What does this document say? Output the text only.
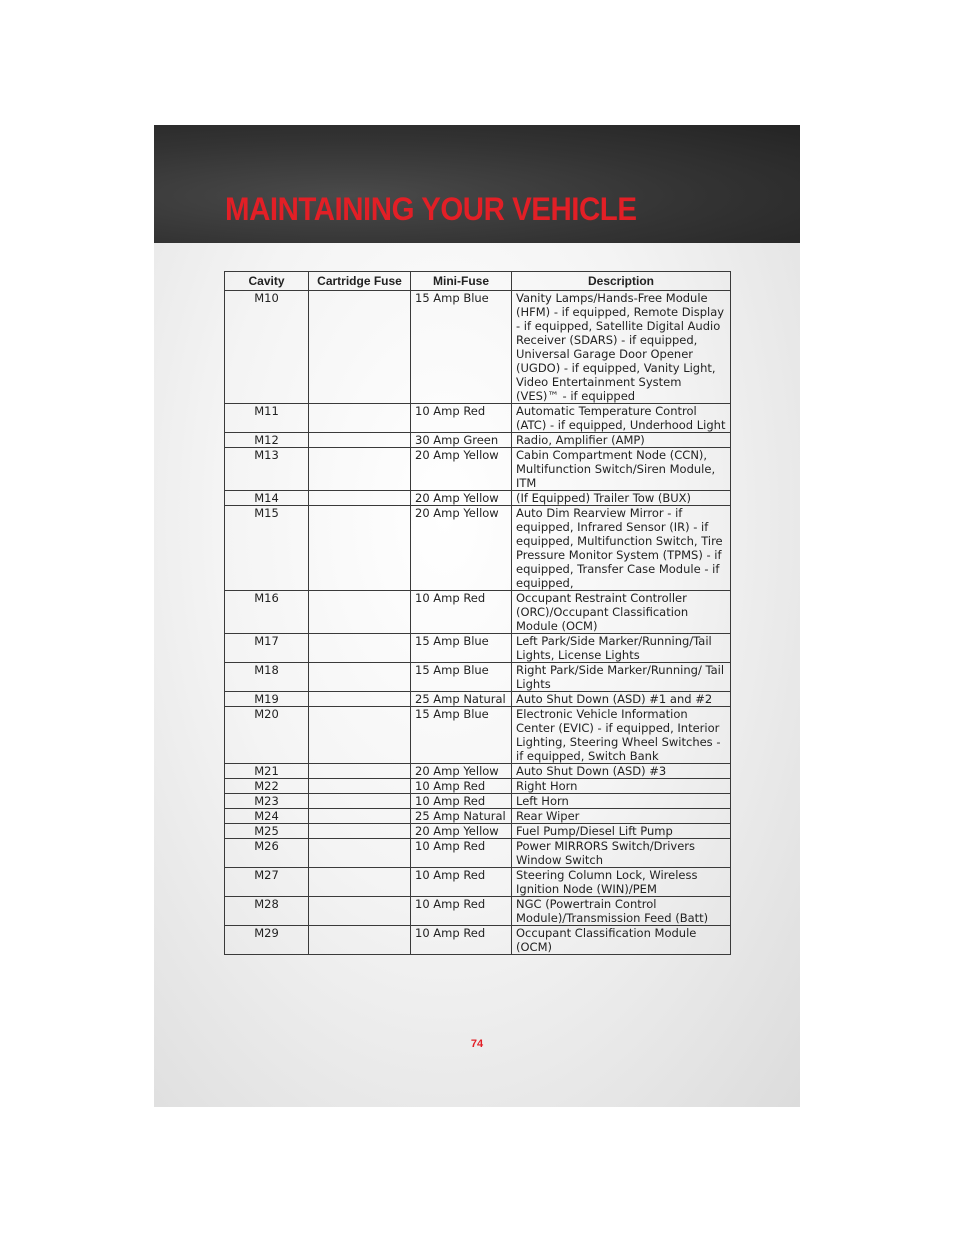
MAINTAINING YOUR VEHICLE
Cavity	Cartridge Fuse	Mini-Fuse	Description
M10		15 Amp Blue	Vanity Lamps/Hands-Free Module (HFM) - if equipped, Remote Display - if equipped, Satellite Digital Audio Receiver (SDARS) - if equipped, Universal Garage Door Opener (UGDO) - if equipped, Vanity Light, Video Entertainment System (VES)™ - if equipped
M11		10 Amp Red	Automatic Temperature Control (ATC) - if equipped, Underhood Light
M12		30 Amp Green	Radio, Amplifier (AMP)
M13		20 Amp Yellow	Cabin Compartment Node (CCN), Multifunction Switch/Siren Module, ITM
M14		20 Amp Yellow	(If Equipped) Trailer Tow (BUX)
M15		20 Amp Yellow	Auto Dim Rearview Mirror - if equipped, Infrared Sensor (IR) - if equipped, Multifunction Switch, Tire Pressure Monitor System (TPMS) - if equipped, Transfer Case Module - if equipped,
M16		10 Amp Red	Occupant Restraint Controller (ORC)/Occupant Classification Module (OCM)
M17		15 Amp Blue	Left Park/Side Marker/Running/Tail Lights, License Lights
M18		15 Amp Blue	Right Park/Side Marker/Running/ Tail Lights
M19		25 Amp Natural	Auto Shut Down (ASD) #1 and #2
M20		15 Amp Blue	Electronic Vehicle Information Center (EVIC) - if equipped, Interior Lighting, Steering Wheel Switches - if equipped, Switch Bank
M21		20 Amp Yellow	Auto Shut Down (ASD) #3
M22		10 Amp Red	Right Horn
M23		10 Amp Red	Left Horn
M24		25 Amp Natural	Rear Wiper
M25		20 Amp Yellow	Fuel Pump/Diesel Lift Pump
M26		10 Amp Red	Power MIRRORS Switch/Drivers Window Switch
M27		10 Amp Red	Steering Column Lock, Wireless Ignition Node (WIN)/PEM
M28		10 Amp Red	NGC (Powertrain Control Module)/Transmission Feed (Batt)
M29		10 Amp Red	Occupant Classification Module (OCM)
74
